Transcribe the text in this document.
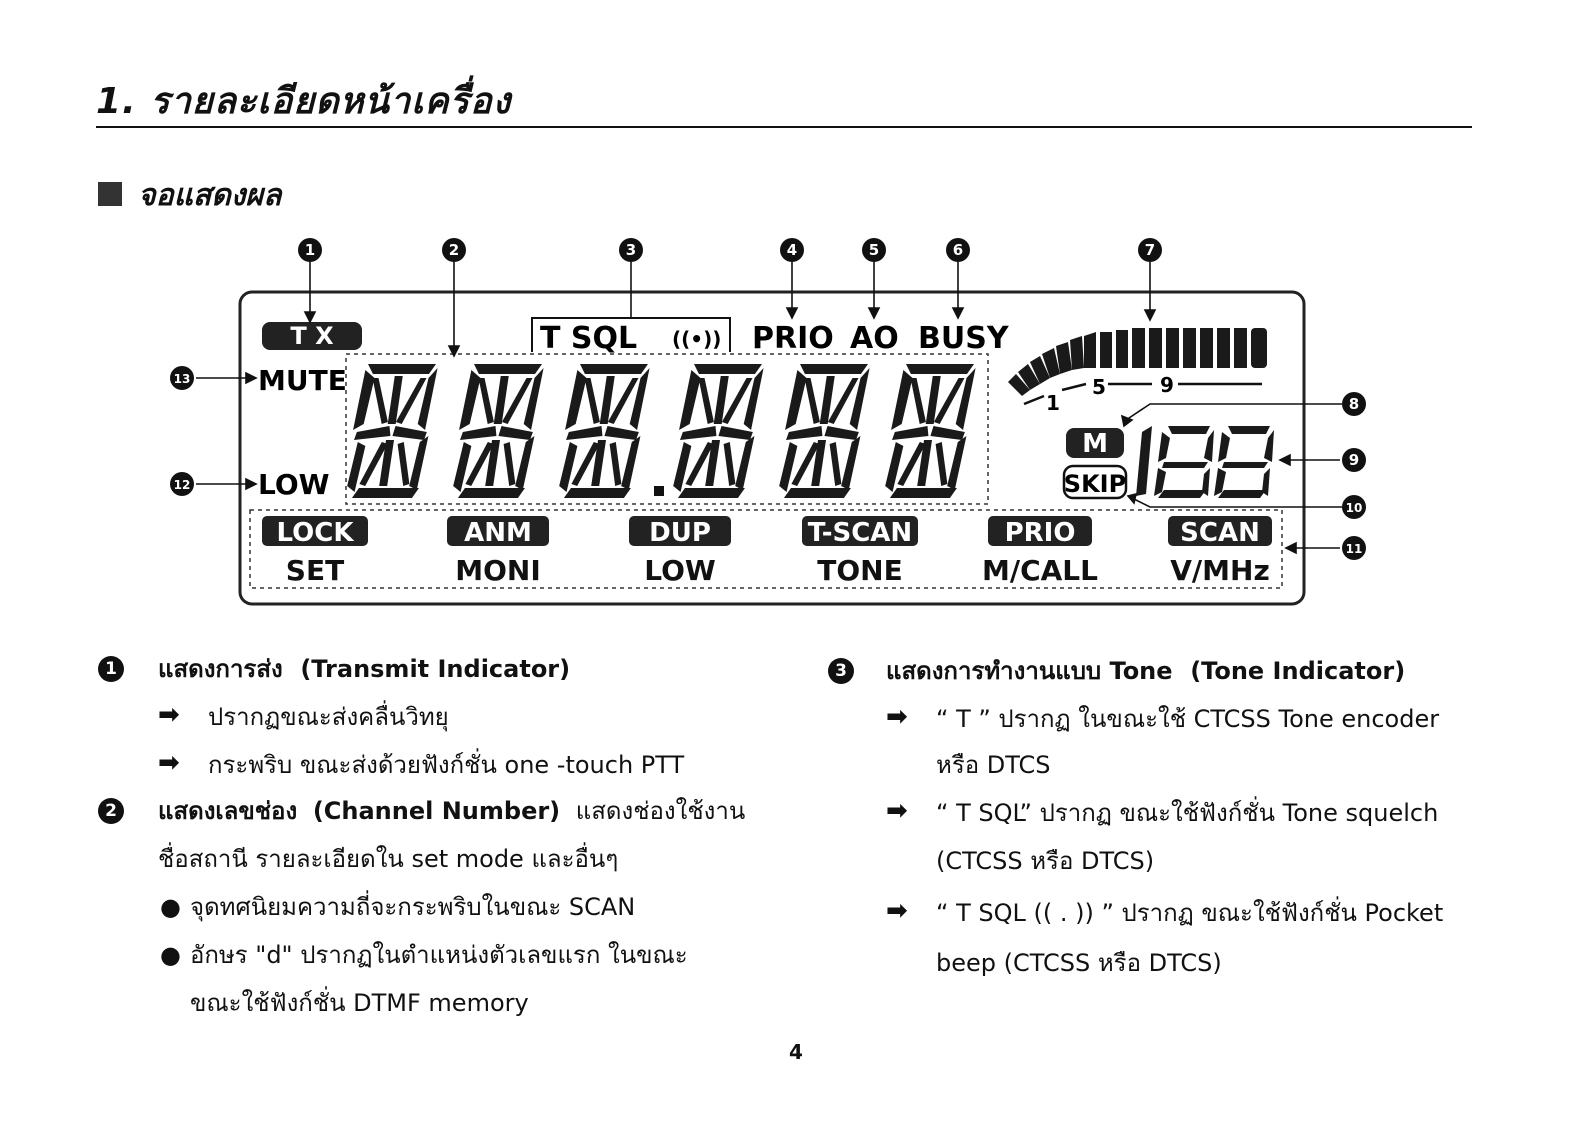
1. รายละเอียดหน้าเครื่อง
จอแสดงผล
T X	T SQL ((•)) PRIO AO BUSY
MUTE
LOW
1
5	9
M
SKIP
LOCK
SET
ANM
MONI
DUP
LOW
T-SCAN
TONE
PRIO
M/CALL
SCAN
V/MHz
1	2	3	4	5	6	7
8
9
10
11
12
13
1 แสดงการส่ง (Transmit Indicator)
➡ ปรากฏขณะส่งคลื่นวิทยุ
➡ กระพริบ ขณะส่งด้วยฟังก์ชั่น one -touch PTT
2 แสดงเลขช่อง (Channel Number) แสดงช่องใช้งาน
ชื่อสถานี รายละเอียดใน set mode และอื่นๆ
● จุดทศนิยมความถี่จะกระพริบในขณะ SCAN
● อักษร "d" ปรากฏในตำแหน่งตัวเลขแรก ในขณะ
ขณะใช้ฟังก์ชั่น DTMF memory
3 แสดงการทำงานแบบ Tone (Tone Indicator)
➡ “ T ” ปรากฏ ในขณะใช้ CTCSS Tone encoder
หรือ DTCS
➡ “ T SQL” ปรากฏ ขณะใช้ฟังก์ชั่น Tone squelch
(CTCSS หรือ DTCS)
➡ “ T SQL (( . )) ” ปรากฏ ขณะใช้ฟังก์ชั่น Pocket
beep (CTCSS หรือ DTCS)
4
